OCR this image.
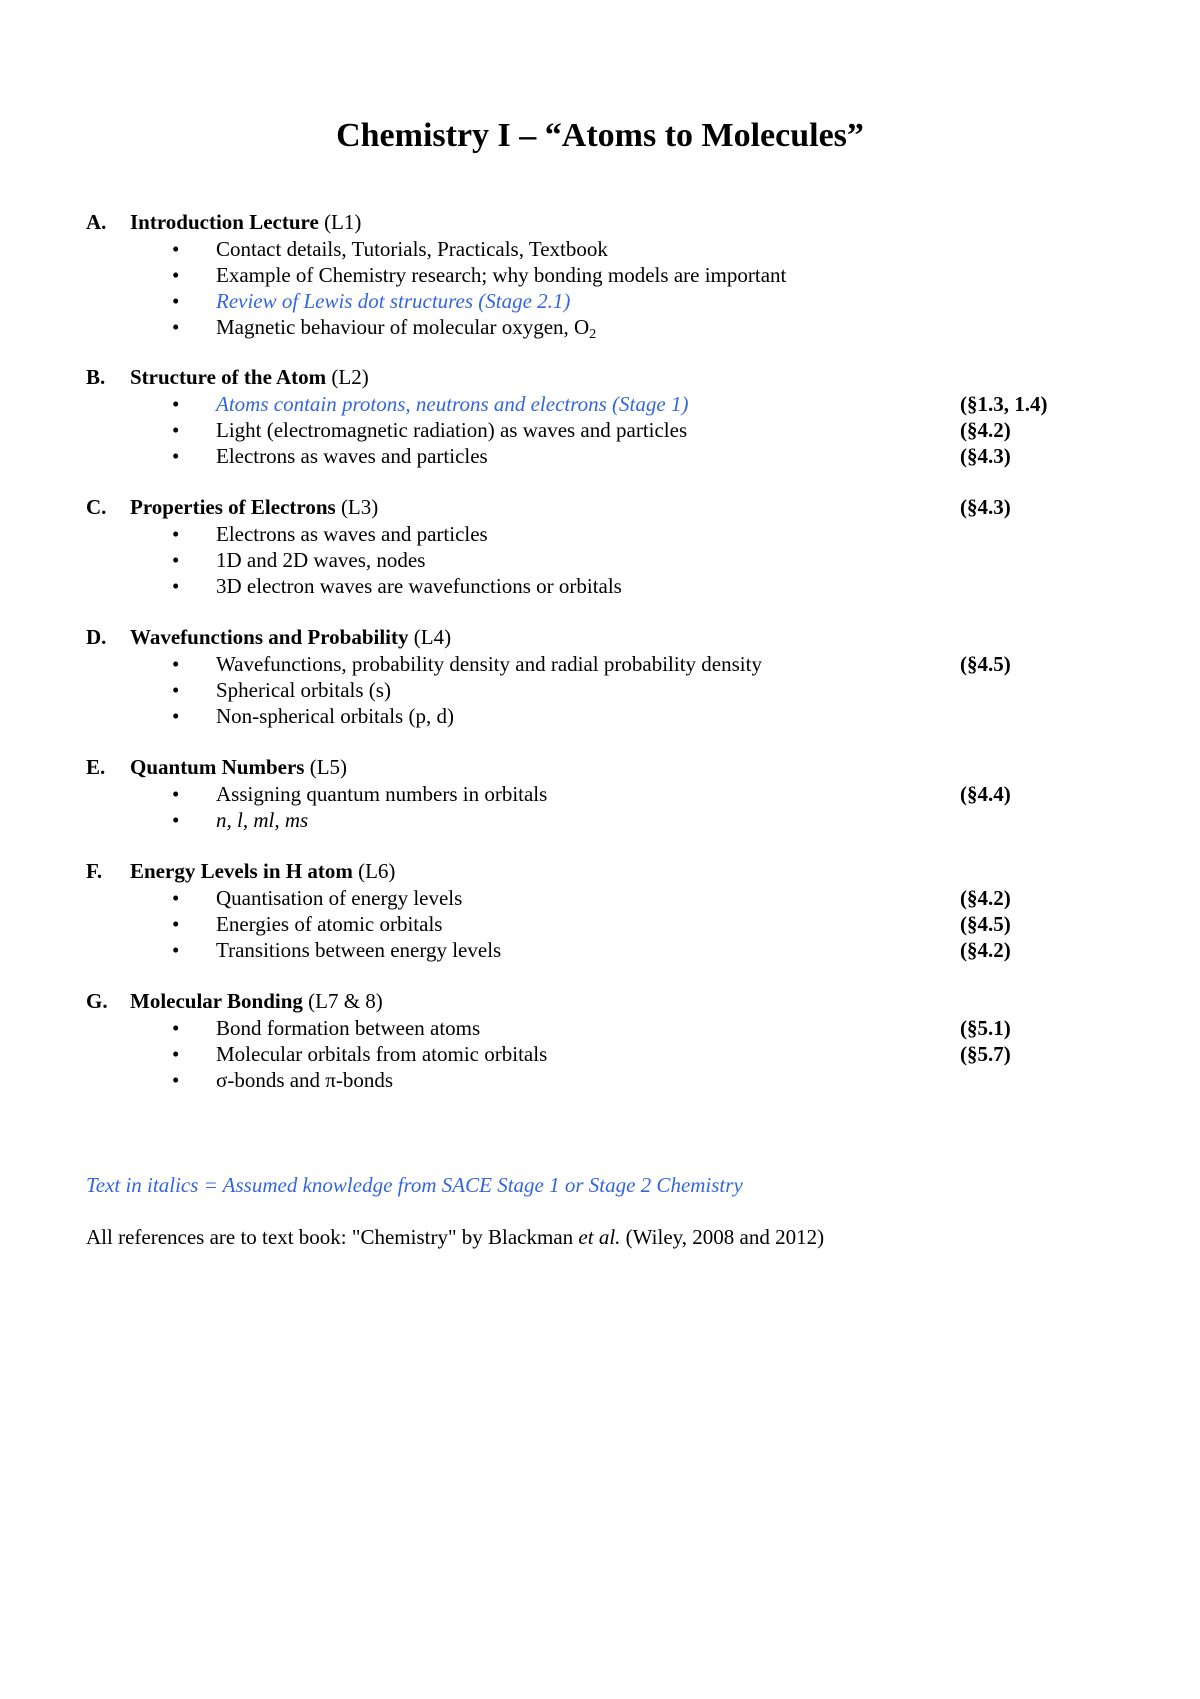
Chemistry I – “Atoms to Molecules”
A. Introduction Lecture (L1)
• Contact details, Tutorials, Practicals, Textbook
• Example of Chemistry research; why bonding models are important
• Review of Lewis dot structures (Stage 2.1)
• Magnetic behaviour of molecular oxygen, $O_2$
B. Structure of the Atom (L2)
• Atoms contain protons, neutrons and electrons (Stage 1)	(§1.3, 1.4)
• Light (electromagnetic radiation) as waves and particles	(§4.2)
• Electrons as waves and particles	(§4.3)
C. Properties of Electrons (L3)	(§4.3)
• Electrons as waves and particles
• 1D and 2D waves, nodes
• 3D electron waves are wavefunctions or orbitals
D. Wavefunctions and Probability (L4)
• Wavefunctions, probability density and radial probability density	(§4.5)
• Spherical orbitals (s)
• Non-spherical orbitals (p, d)
E. Quantum Numbers (L5)
• Assigning quantum numbers in orbitals	(§4.4)
• n, l, ml, ms
F. Energy Levels in H atom (L6)
• Quantisation of energy levels	(§4.2)
• Energies of atomic orbitals	(§4.5)
• Transitions between energy levels	(§4.2)
G. Molecular Bonding (L7 & 8)
• Bond formation between atoms	(§5.1)
• Molecular orbitals from atomic orbitals	(§5.7)
• σ-bonds and π-bonds
Text in italics = Assumed knowledge from SACE Stage 1 or Stage 2 Chemistry
All references are to text book: "Chemistry" by Blackman et al. (Wiley, 2008 and 2012)
